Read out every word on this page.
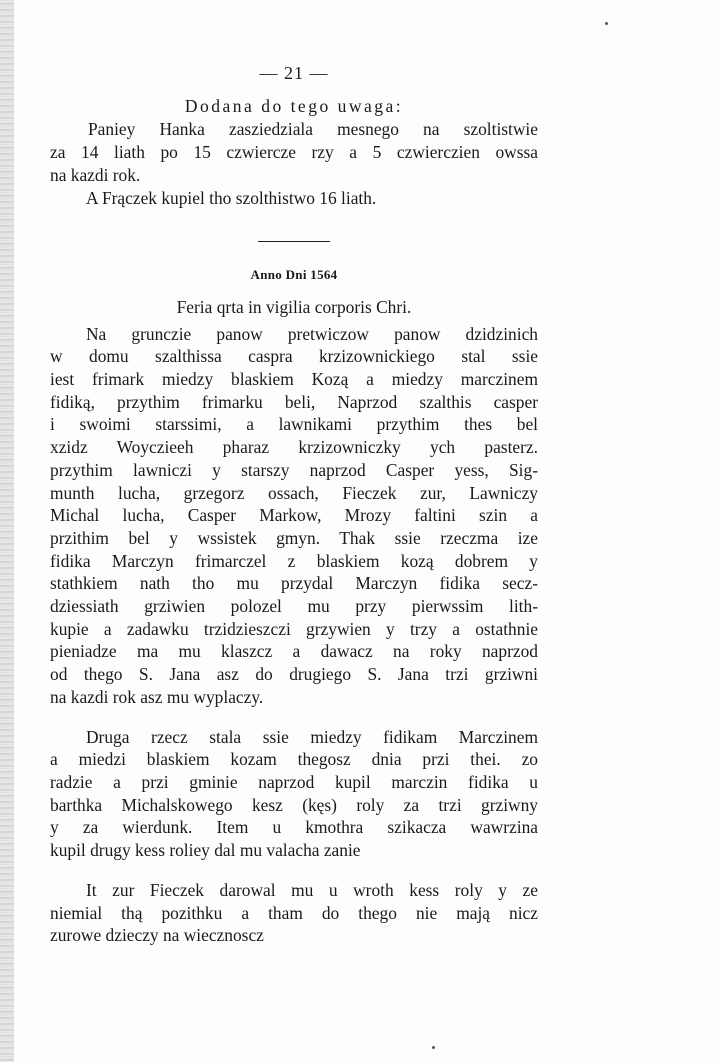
— 21 —
Dodana do tego uwaga:
Paniey Hanka zasziedziala mesnego na szoltistwie
za 14 liath po 15 czwiercze rzy a 5 czwierczien owssa
na kazdi rok.
A Frączek kupiel tho szolthistwo 16 liath.
Anno Dni 1564
Feria qrta in vigilia corporis Chri.
Na grunczie panow pretwiczow panow dzidzinich
w domu szalthissa caspra krzizownickiego stal ssie
iest frimark miedzy blaskiem Kozą a miedzy marczinem
fidiką, przythim frimarku beli, Naprzod szalthis casper
i swoimi starssimi, a lawnikami przythim thes bel
xzidz Woyczieeh pharaz krzizowniczky ych pasterz.
przythim lawniczi y starszy naprzod Casper yess, Sig-
munth lucha, grzegorz ossach, Fieczek zur, Lawniczy
Michal lucha, Casper Markow, Mrozy faltini szin a
przithim bel y wssistek gmyn. Thak ssie rzeczma ize
fidika Marczyn frimarczel z blaskiem kozą dobrem y
stathkiem nath tho mu przydal Marczyn fidika secz-
dziessiath grziwien polozel mu przy pierwssim lith-
kupie a zadawku trzidzieszczi grzywien y trzy a ostathnie
pieniadze ma mu klaszcz a dawacz na roky naprzod
od thego S. Jana asz do drugiego S. Jana trzi grziwni
na kazdi rok asz mu wyplaczy.
Druga rzecz stala ssie miedzy fidikam Marczinem
a miedzi blaskiem kozam thegosz dnia przi thei. zo
radzie a przi gminie naprzod kupil marczin fidika u
barthka Michalskowego kesz (kęs) roly za trzi grziwny
y za wierdunk. Item u kmothra szikacza wawrzina
kupil drugy kess roliey dal mu valacha zanie
It zur Fieczek darowal mu u wroth kess roly y ze
niemial thą pozithku a tham do thego nie mają nicz
zurowe dzieczy na wiecznoscz
